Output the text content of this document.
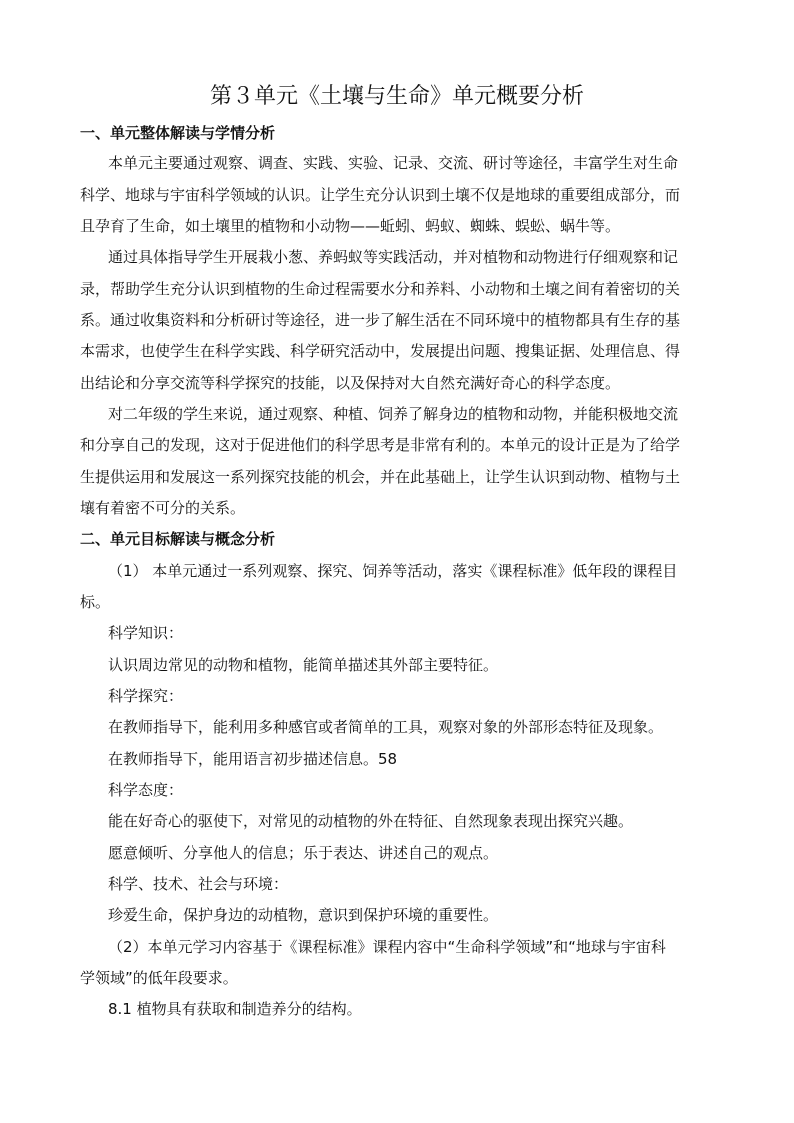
第３单元《土壤与生命》单元概要分析
一、单元整体解读与学情分析
本单元主要通过观察、调查、实践、实验、记录、交流、研讨等途径，丰富学生对生命
科学、地球与宇宙科学领域的认识。让学生充分认识到土壤不仅是地球的重要组成部分，而
且孕育了生命，如土壤里的植物和小动物——蚯蚓、蚂蚁、蜘蛛、蜈蚣、蜗牛等。
通过具体指导学生开展栽小葱、养蚂蚁等实践活动，并对植物和动物进行仔细观察和记
录，帮助学生充分认识到植物的生命过程需要水分和养料、小动物和土壤之间有着密切的关
系。通过收集资料和分析研讨等途径，进一步了解生活在不同环境中的植物都具有生存的基
本需求，也使学生在科学实践、科学研究活动中，发展提出问题、搜集证据、处理信息、得
出结论和分享交流等科学探究的技能，以及保持对大自然充满好奇心的科学态度。
对二年级的学生来说，通过观察、种植、饲养了解身边的植物和动物，并能积极地交流
和分享自己的发现，这对于促进他们的科学思考是非常有利的。本单元的设计正是为了给学
生提供运用和发展这一系列探究技能的机会，并在此基础上，让学生认识到动物、植物与土
壤有着密不可分的关系。
二、单元目标解读与概念分析
（1） 本单元通过一系列观察、探究、饲养等活动，落实《课程标准》低年段的课程目
标。
科学知识：
认识周边常见的动物和植物，能简单描述其外部主要特征。
科学探究：
在教师指导下，能利用多种感官或者简单的工具，观察对象的外部形态特征及现象。
在教师指导下，能用语言初步描述信息。58
科学态度：
能在好奇心的驱使下，对常见的动植物的外在特征、自然现象表现出探究兴趣。
愿意倾听、分享他人的信息；乐于表达、讲述自己的观点。
科学、技术、社会与环境：
珍爱生命，保护身边的动植物，意识到保护环境的重要性。
（2）本单元学习内容基于《课程标准》课程内容中“生命科学领域”和“地球与宇宙科
学领域”的低年段要求。
8.1 植物具有获取和制造养分的结构。
